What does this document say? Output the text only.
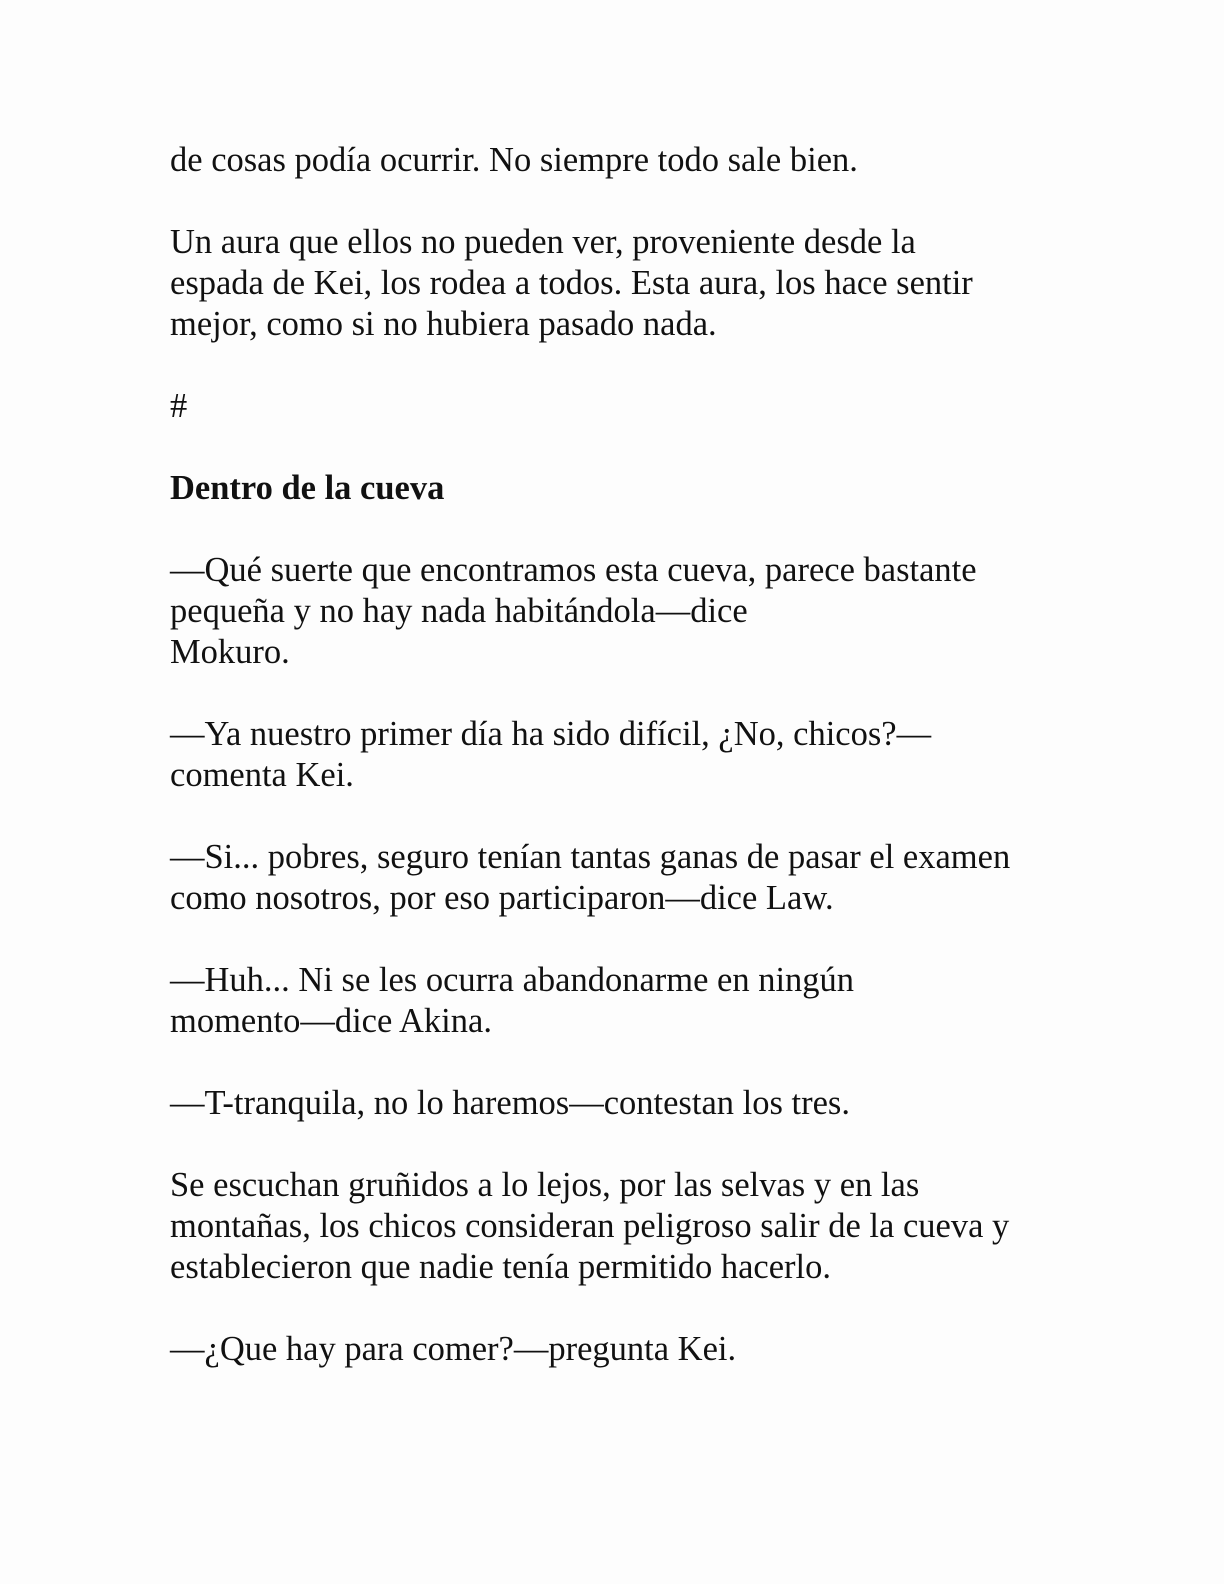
de cosas podía ocurrir. No siempre todo sale bien.

Un aura que ellos no pueden ver, proveniente desde la
espada de Kei, los rodea a todos. Esta aura, los hace sentir
mejor, como si no hubiera pasado nada.

#

Dentro de la cueva

—Qué suerte que encontramos esta cueva, parece bastante
pequeña y no hay nada habitándola—dice
Mokuro.

—Ya nuestro primer día ha sido difícil, ¿No, chicos?—
comenta Kei.

—Si... pobres, seguro tenían tantas ganas de pasar el examen
como nosotros, por eso participaron—dice Law.

—Huh... Ni se les ocurra abandonarme en ningún
momento—dice Akina.

—T-tranquila, no lo haremos—contestan los tres.

Se escuchan gruñidos a lo lejos, por las selvas y en las
montañas, los chicos consideran peligroso salir de la cueva y
establecieron que nadie tenía permitido hacerlo.

—¿Que hay para comer?—pregunta Kei.
